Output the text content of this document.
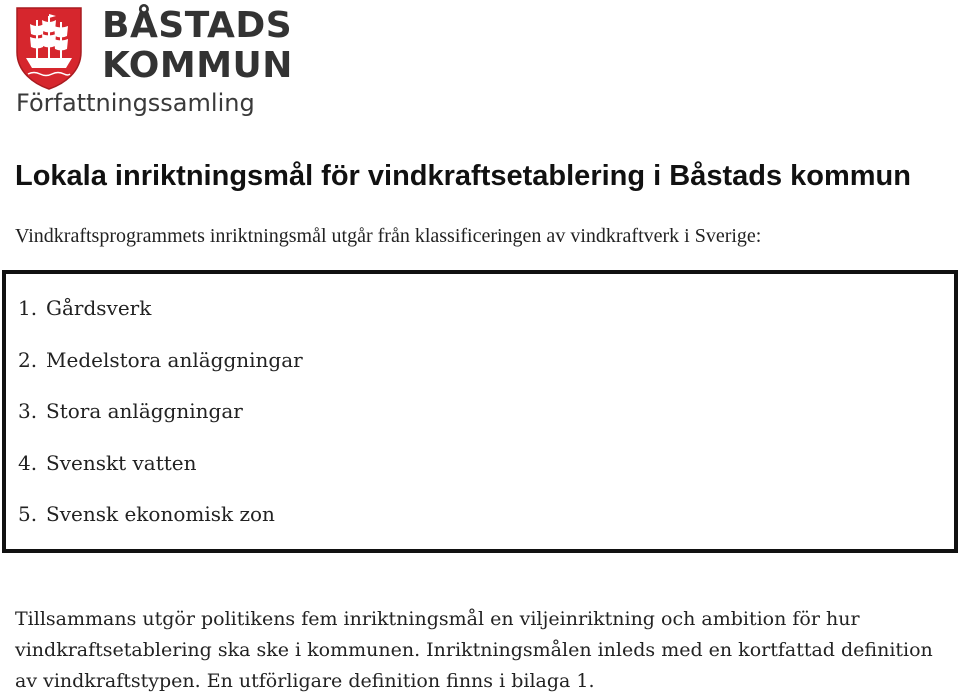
BÅSTADS
KOMMUN
Författningssamling
Lokala inriktningsmål för vindkraftsetablering i Båstads kommun

Vindkraftsprogrammets inriktningsmål utgår från klassificeringen av vindkraftverk i Sverige:

1. Gårdsverk
2. Medelstora anläggningar
3. Stora anläggningar
4. Svenskt vatten
5. Svensk ekonomisk zon

Tillsammans utgör politikens fem inriktningsmål en viljeinriktning och ambition för hur vindkraftsetablering ska ske i kommunen. Inriktningsmålen inleds med en kortfattad definition av vindkraftstypen. En utförligare definition finns i bilaga 1.
